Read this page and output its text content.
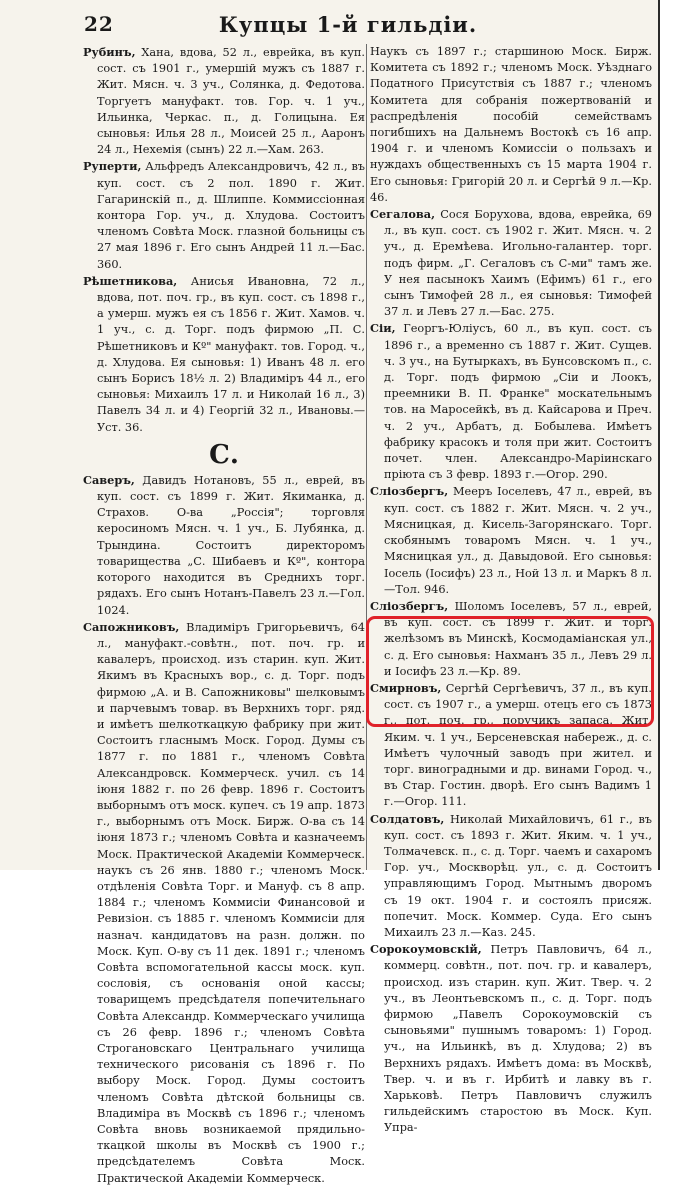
22	Купцы 1-й гильдіи.

Рубинъ, Хана, вдова, 52 л., еврейка, въ куп. сост. съ 1901 г., умершій мужъ съ 1887 г. Жит. Мясн. ч. 3 уч., Солянка, д. Федотова. Торгуетъ мануфакт. тов. Гор. ч. 1 уч., Ильинка, Черкас. п., д. Голицына. Ея сыновья: Илья 28 л., Моисей 25 л., Ааронъ 24 л., Нехемія (сынъ) 22 л.—Хам. 263.

Руперти, Альфредъ Александровичъ, 42 л., въ куп. сост. съ 2 пол. 1890 г. Жит. Гагаринскій п., д. Шлиппе. Коммиссіонная контора Гор. уч., д. Хлудова. Состоитъ членомъ Совѣта Моск. глазной больницы съ 27 мая 1896 г. Его сынъ Андрей 11 л.—Бас. 360.

Рѣшетникова, Анисья Ивановна, 72 л., вдова, пот. поч. гр., въ куп. сост. съ 1898 г., а умерш. мужъ ея съ 1856 г. Жит. Хамов. ч. 1 уч., с. д. Торг. подъ фирмою „П. С. Рѣшетниковъ и Кº" мануфакт. тов. Город. ч., д. Хлудова. Ея сыновья: 1) Иванъ 48 л. его сынъ Борисъ 18½ л. 2) Владиміръ 44 л., его сыновья: Михаилъ 17 л. и Николай 16 л., 3) Павелъ 34 л. и 4) Георгій 32 л., Ивановы.—Уст. 36.

С.

Саверъ, Давидъ Нотановъ, 55 л., еврей, въ куп. сост. съ 1899 г. Жит. Якиманка, д. Страхов. О-ва „Россія"; торговля керосиномъ Мясн. ч. 1 уч., Б. Лубянка, д. Трындина. Состоитъ директоромъ товарищества „С. Шибаевъ и Кº", контора которого находится въ Среднихъ торг. рядахъ. Его сынъ Нотанъ-Павелъ 23 л.—Гол. 1024.

Сапожниковъ, Владиміръ Григорьевичъ, 64 л., мануфакт.-совѣтн., пот. поч. гр. и кавалеръ, происход. изъ старин. куп. Жит. Якимъ въ Красныхъ вор., с. д. Торг. подъ фирмою „А. и В. Сапожниковы" шелковымъ и парчевымъ товар. въ Верхнихъ торг. ряд. и имѣетъ шелкоткацкую фабрику при жит. Состоитъ гласнымъ Моск. Город. Думы съ 1877 г. по 1881 г., членомъ Совѣта Александровск. Коммерческ. учил. съ 14 іюня 1882 г. по 26 февр. 1896 г. Состоитъ выборнымъ отъ моск. купеч. съ 19 апр. 1873 г., выборнымъ отъ Моск. Бирж. О-ва съ 14 іюня 1873 г.; членомъ Совѣта и казначеемъ Моск. Практической Академіи Коммерческ. наукъ съ 26 янв. 1880 г.; членомъ Моск. отдѣленія Совѣта Торг. и Мануф. съ 8 апр. 1884 г.; членомъ Коммисіи Финансовой и Ревизіон. съ 1885 г. членомъ Коммисіи для назнач. кандидатовъ на разн. должн. по Моск. Куп. О-ву съ 11 дек. 1891 г.; членомъ Совѣта вспомогательной кассы моск. куп. сословія, съ основанія оной кассы; товарищемъ предсѣдателя попечительнаго Совѣта Александр. Коммерческаго училища съ 26 февр. 1896 г.; членомъ Совѣта Строгановскаго Центральнаго училища технического рисованія съ 1896 г. По выбору Моск. Город. Думы состоитъ членомъ Совѣта дѣтской больницы св. Владиміра въ Москвѣ съ 1896 г.; членомъ Совѣта вновь возникаемой прядильно-ткацкой школы въ Москвѣ съ 1900 г.; предсѣдателемъ Совѣта Моск. Практической Академіи Коммерческ.

Наукъ съ 1897 г.; старшиною Моск. Бирж. Комитета съ 1892 г.; членомъ Моск. Уѣзднаго Податного Присутствія съ 1887 г.; членомъ Комитета для собранія пожертвованій и распредѣленія пособій семействамъ погибшихъ на Дальнемъ Востокѣ съ 16 апр. 1904 г. и членомъ Комиссіи о пользахъ и нуждахъ общественныхъ съ 15 марта 1904 г. Его сыновья: Григорій 20 л. и Сергѣй 9 л.—Кр. 46.

Сегалова, Сося Борухова, вдова, еврейка, 69 л., въ куп. сост. съ 1902 г. Жит. Мясн. ч. 2 уч., д. Еремѣева. Игольно-галантер. торг. подъ фирм. „Г. Сегаловъ съ С-ми" тамъ же. У нея пасынокъ Хаимъ (Ефимъ) 61 г., его сынъ Тимофей 28 л., ея сыновья: Тимофей 37 л. и Левъ 27 л.—Бас. 275.

Сіи, Георгъ-Юліусъ, 60 л., въ куп. сост. съ 1896 г., а временно съ 1887 г. Жит. Сущев. ч. 3 уч., на Бутыркахъ, въ Бунсовскомъ п., с. д. Торг. подъ фирмою „Сіи и Лоокъ, преемники В. П. Франке" москательнымъ тов. на Маросейкѣ, въ д. Кайсарова и Преч. ч. 2 уч., Арбатъ, д. Бобылева. Имѣетъ фабрику красокъ и толя при жит. Состоитъ почет. член. Александро-Маріинскаго пріюта съ 3 февр. 1893 г.—Огор. 290.

Сліозбергъ, Мееръ Іоселевъ, 47 л., еврей, въ куп. сост. съ 1882 г. Жит. Мясн. ч. 2 уч., Мясницкая, д. Кисель-Загорянскаго. Торг. скобянымъ товаромъ Мясн. ч. 1 уч., Мясницкая ул., д. Давыдовой. Его сыновья: Іосель (Іосифъ) 23 л., Ной 13 л. и Маркъ 8 л.—Тол. 946.

Сліозбергъ, Шоломъ Іоселевъ, 57 л., еврей, въ куп. сост. съ 1899 г. Жит. и торг. желѣзомъ въ Минскѣ, Космодаміанская ул., с. д. Его сыновья: Нахманъ 35 л., Левъ 29 л. и Іосифъ 23 л.—Кр. 89.

Смирновъ, Сергѣй Сергѣевичъ, 37 л., въ куп. сост. съ 1907 г., а умерш. отецъ его съ 1873 г., пот. поч. гр., поручикъ запаса. Жит. Яким. ч. 1 уч., Берсеневская набереж., д. с. Имѣетъ чулочный заводъ при жител. и торг. виноградными и др. винами Город. ч., въ Стар. Гостин. дворѣ. Его сынъ Вадимъ 1 г.—Огор. 111.

Солдатовъ, Николай Михайловичъ, 61 г., въ куп. сост. съ 1893 г. Жит. Яким. ч. 1 уч., Толмачевск. п., с. д. Торг. чаемъ и сахаромъ Гор. уч., Москворѣц. ул., с. д. Состоитъ управляющимъ Город. Мытнымъ дворомъ съ 19 окт. 1904 г. и состоялъ присяж. попечит. Моск. Коммер. Суда. Его сынъ Михаилъ 23 л.—Каз. 245.

Сорокоумовскій, Петръ Павловичъ, 64 л., коммерц. совѣтн., пот. поч. гр. и кавалеръ, происход. изъ старин. куп. Жит. Твер. ч. 2 уч., въ Леонтьевскомъ п., с. д. Торг. подъ фирмою „Павелъ Сорокоумовскій съ сыновьями" пушнымъ товаромъ: 1) Город. уч., на Ильинкѣ, въ д. Хлудова; 2) въ Верхнихъ рядахъ. Имѣетъ дома: въ Москвѣ, Твер. ч. и въ г. Ирбитѣ и лавку въ г. Харьковѣ. Петръ Павловичъ служилъ гильдейскимъ старостою въ Моск. Куп. Упра-
